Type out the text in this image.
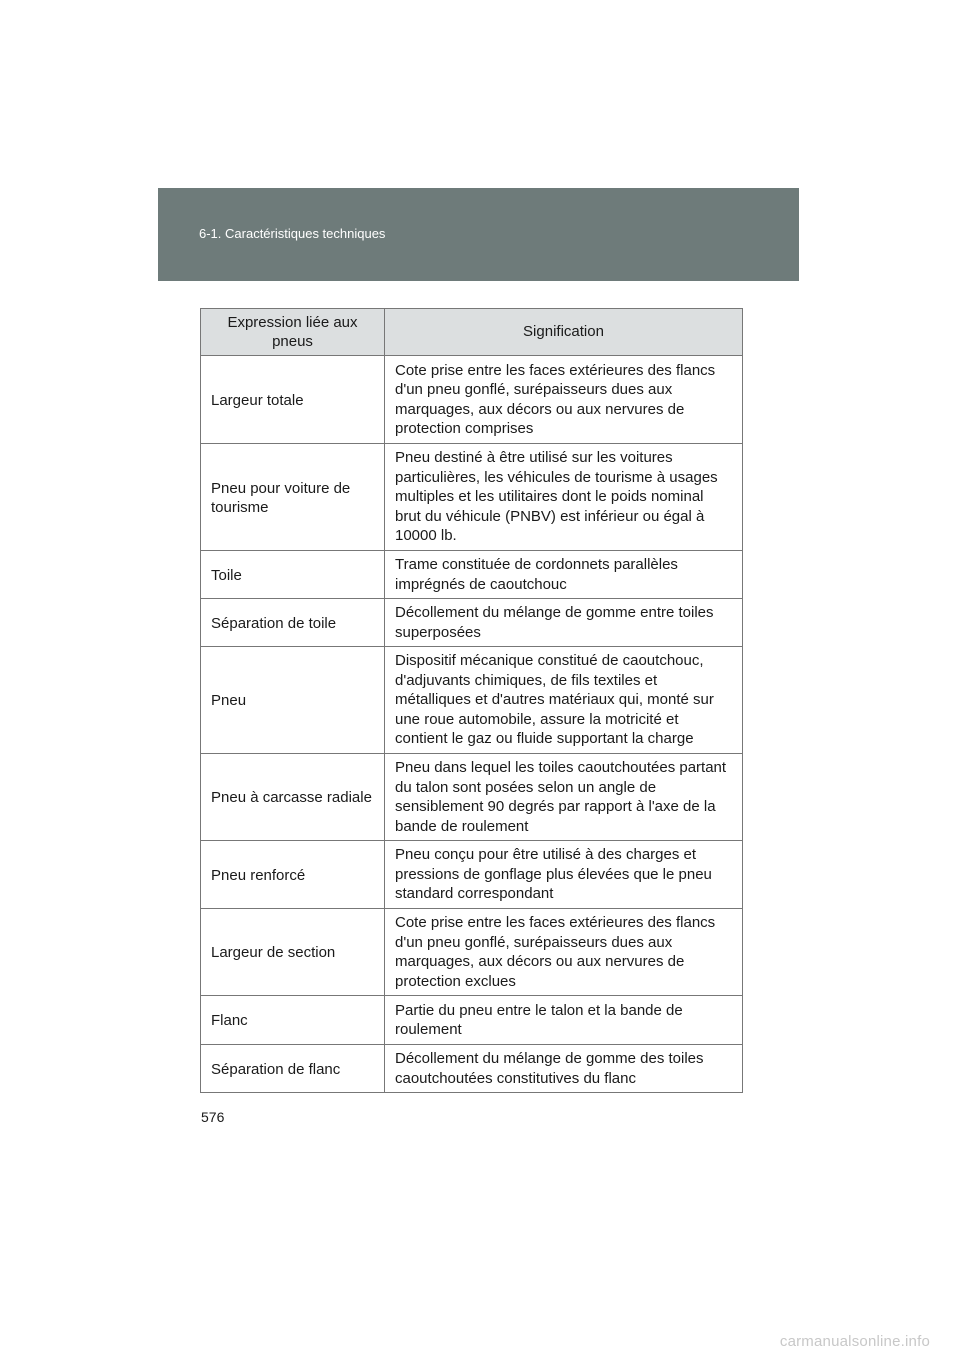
6-1. Caractéristiques techniques
Expression liée aux pneus	Signification
Largeur totale	Cote prise entre les faces extérieures des flancs d'un pneu gonflé, surépaisseurs dues aux marquages, aux décors ou aux nervures de protection comprises
Pneu pour voiture de tourisme	Pneu destiné à être utilisé sur les voitures particulières, les véhicules de tourisme à usages multiples et les utilitaires dont le poids nominal brut du véhicule (PNBV) est inférieur ou égal à 10000 lb.
Toile	Trame constituée de cordonnets parallèles imprégnés de caoutchouc
Séparation de toile	Décollement du mélange de gomme entre toiles superposées
Pneu	Dispositif mécanique constitué de caoutchouc, d'adjuvants chimiques, de fils textiles et métalliques et d'autres matériaux qui, monté sur une roue automobile, assure la motricité et contient le gaz ou fluide supportant la charge
Pneu à carcasse radiale	Pneu dans lequel les toiles caoutchoutées partant du talon sont posées selon un angle de sensiblement 90 degrés par rapport à l'axe de la bande de roulement
Pneu renforcé	Pneu conçu pour être utilisé à des charges et pressions de gonflage plus élevées que le pneu standard correspondant
Largeur de section	Cote prise entre les faces extérieures des flancs d'un pneu gonflé, surépaisseurs dues aux marquages, aux décors ou aux nervures de protection exclues
Flanc	Partie du pneu entre le talon et la bande de roulement
Séparation de flanc	Décollement du mélange de gomme des toiles caoutchoutées constitutives du flanc
576
carmanualsonline.info
